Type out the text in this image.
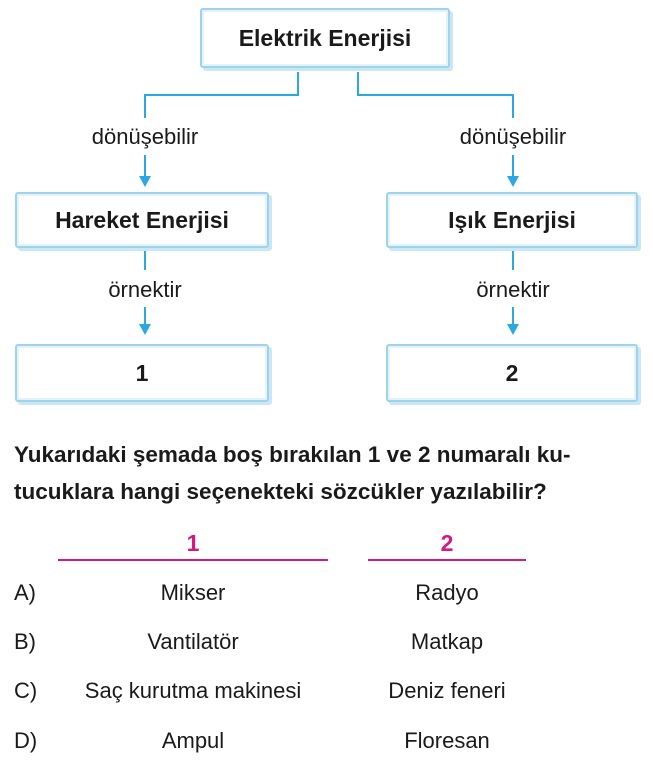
Elektrik Enerjisi
dönüşebilir	dönüşebilir
Hareket Enerjisi	Işık Enerjisi
örnektir	örnektir
1	2
Yukarıdaki şemada boş bırakılan 1 ve 2 numaralı ku-
tucuklara hangi seçenekteki sözcükler yazılabilir?
1	2
A)	Mikser	Radyo
B)	Vantilatör	Matkap
C) Saç kurutma makinesi	Deniz feneri
D)	Ampul	Floresan
